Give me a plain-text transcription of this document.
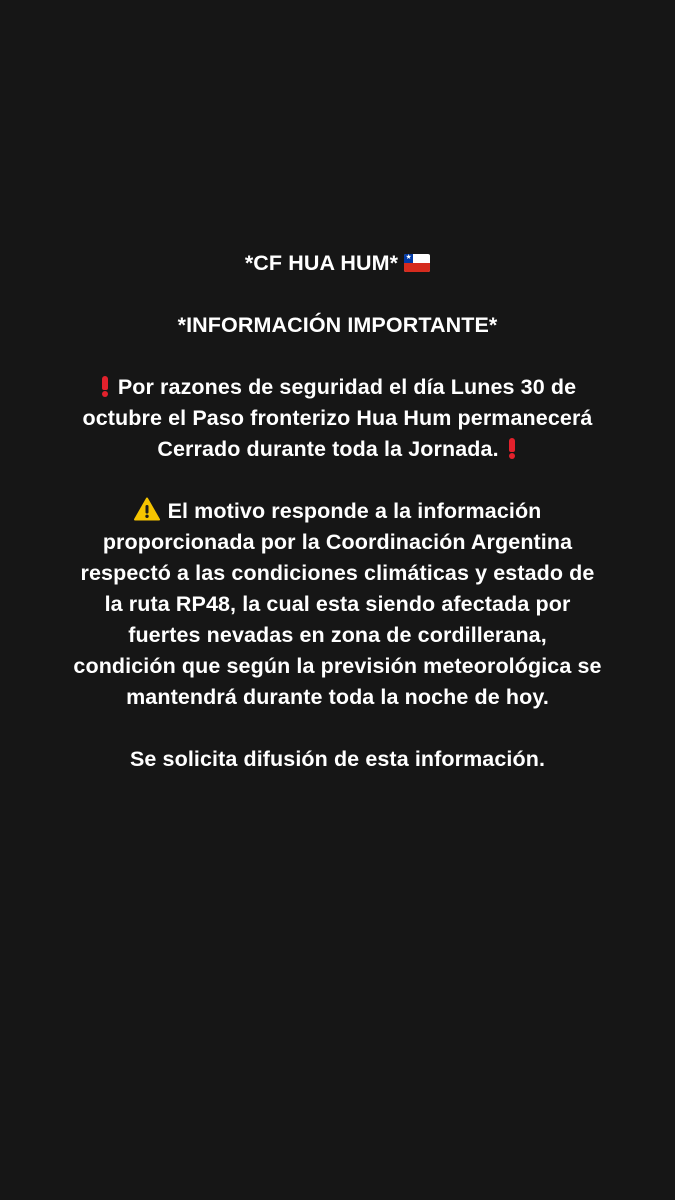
*CF HUA HUM* ★
*INFORMACIÓN IMPORTANTE*
Por razones de seguridad el día Lunes 30 de
octubre el Paso fronterizo Hua Hum permanecerá
Cerrado durante toda la Jornada.
El motivo responde a la información
proporcionada por la Coordinación Argentina
respectó a las condiciones climáticas y estado de
la ruta RP48, la cual esta siendo afectada por
fuertes nevadas en zona de cordillerana,
condición que según la previsión meteorológica se
mantendrá durante toda la noche de hoy.
Se solicita difusión de esta información.
